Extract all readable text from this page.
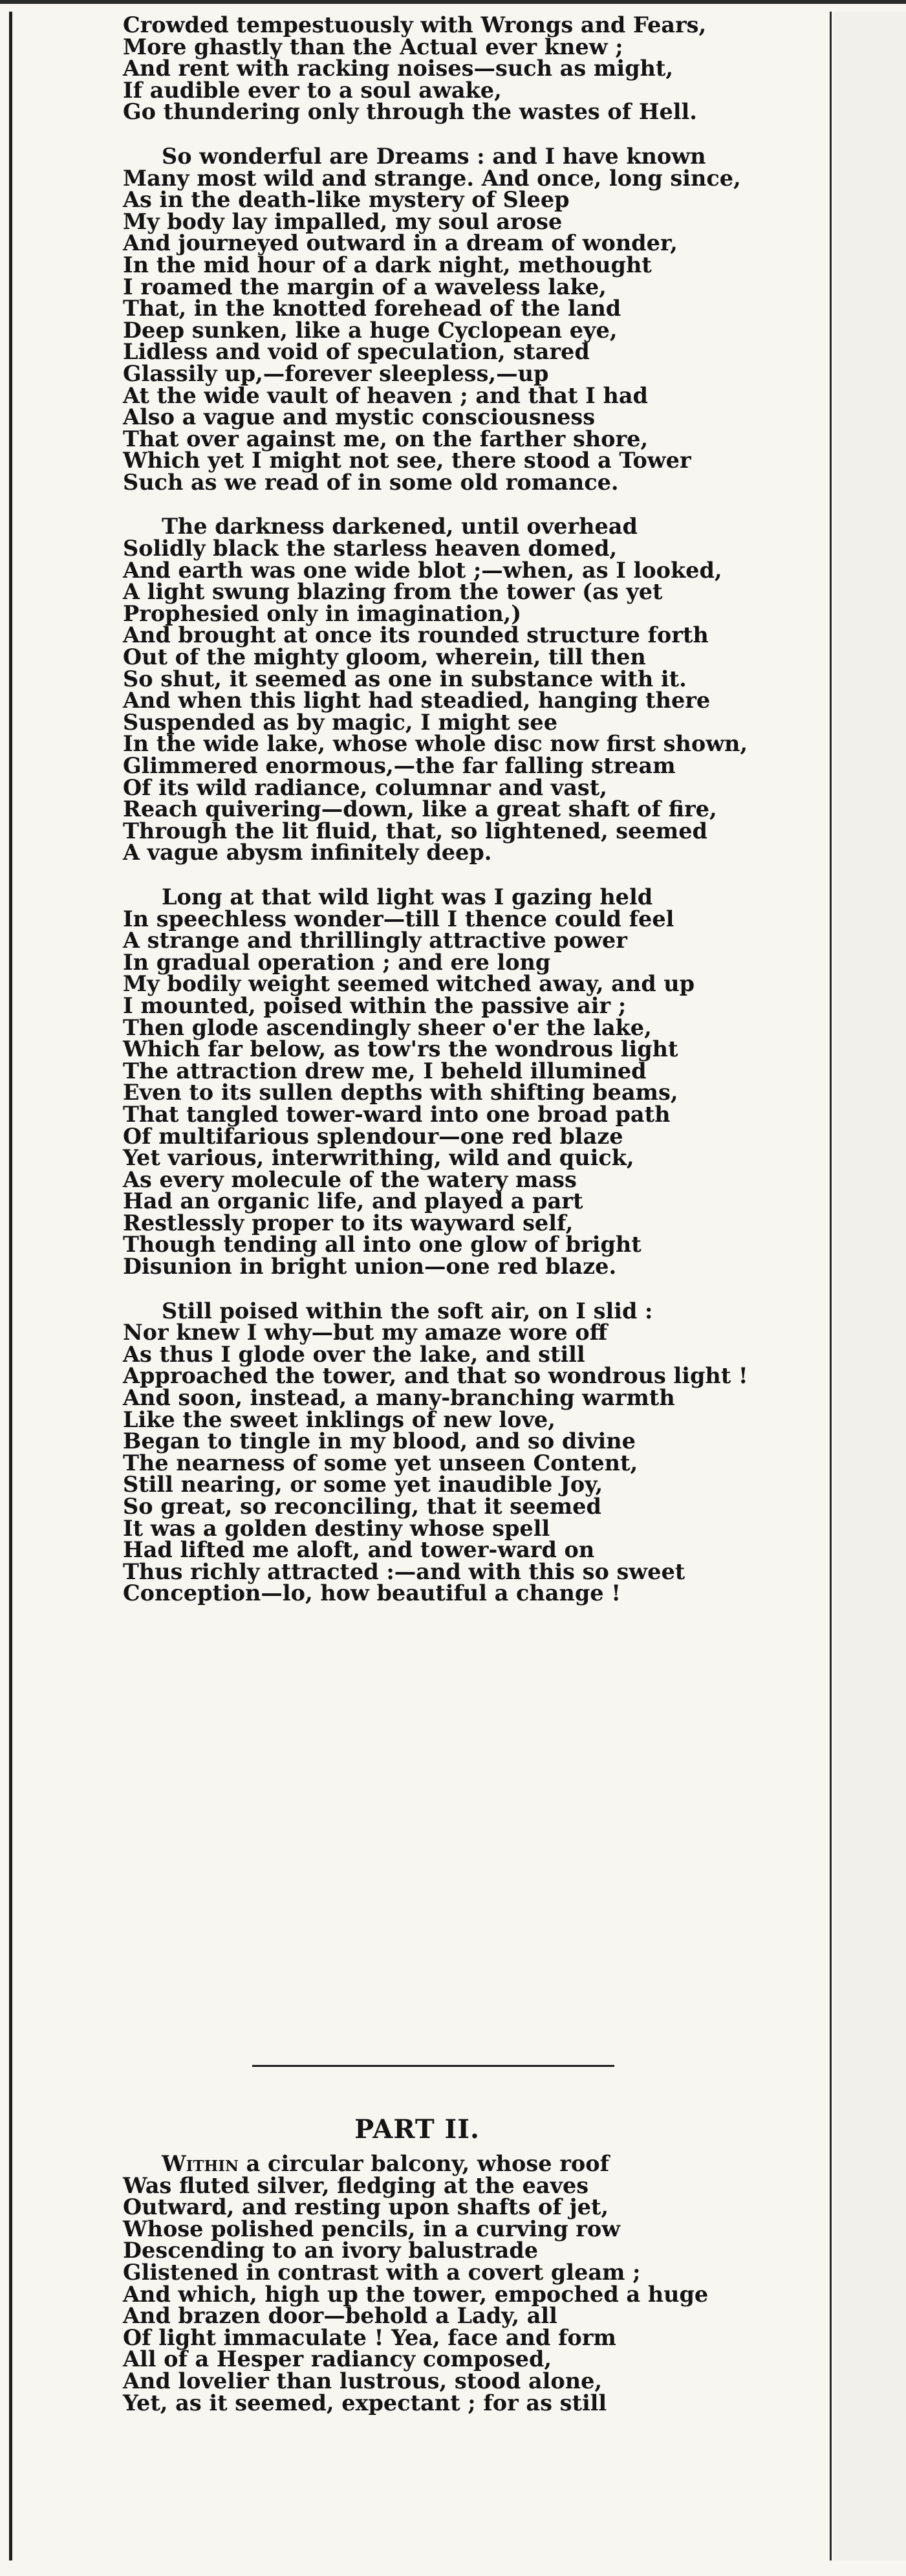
Crowded tempestuously with Wrongs and Fears,
More ghastly than the Actual ever knew ;
And rent with racking noises—such as might,
If audible ever to a soul awake,
Go thundering only through the wastes of Hell.
So wonderful are Dreams : and I have known
Many most wild and strange. And once, long since,
As in the death-like mystery of Sleep
My body lay impalled, my soul arose
And journeyed outward in a dream of wonder,
In the mid hour of a dark night, methought
I roamed the margin of a waveless lake,
That, in the knotted forehead of the land
Deep sunken, like a huge Cyclopean eye,
Lidless and void of speculation, stared
Glassily up,—forever sleepless,—up
At the wide vault of heaven ; and that I had
Also a vague and mystic consciousness
That over against me, on the farther shore,
Which yet I might not see, there stood a Tower
Such as we read of in some old romance.
The darkness darkened, until overhead
Solidly black the starless heaven domed,
And earth was one wide blot ;—when, as I looked,
A light swung blazing from the tower (as yet
Prophesied only in imagination,)
And brought at once its rounded structure forth
Out of the mighty gloom, wherein, till then
So shut, it seemed as one in substance with it.
And when this light had steadied, hanging there
Suspended as by magic, I might see
In the wide lake, whose whole disc now first shown,
Glimmered enormous,—the far falling stream
Of its wild radiance, columnar and vast,
Reach quivering—down, like a great shaft of fire,
Through the lit fluid, that, so lightened, seemed
A vague abysm infinitely deep.
Long at that wild light was I gazing held
In speechless wonder—till I thence could feel
A strange and thrillingly attractive power
In gradual operation ; and ere long
My bodily weight seemed witched away, and up
I mounted, poised within the passive air ;
Then glode ascendingly sheer o'er the lake,
Which far below, as tow'rs the wondrous light
The attraction drew me, I beheld illumined
Even to its sullen depths with shifting beams,
That tangled tower-ward into one broad path
Of multifarious splendour—one red blaze
Yet various, interwrithing, wild and quick,
As every molecule of the watery mass
Had an organic life, and played a part
Restlessly proper to its wayward self,
Though tending all into one glow of bright
Disunion in bright union—one red blaze.
Still poised within the soft air, on I slid :
Nor knew I why—but my amaze wore off
As thus I glode over the lake, and still
Approached the tower, and that so wondrous light !
And soon, instead, a many-branching warmth
Like the sweet inklings of new love,
Began to tingle in my blood, and so divine
The nearness of some yet unseen Content,
Still nearing, or some yet inaudible Joy,
So great, so reconciling, that it seemed
It was a golden destiny whose spell
Had lifted me aloft, and tower-ward on
Thus richly attracted :—and with this so sweet
Conception—lo, how beautiful a change !
PART II.
Within a circular balcony, whose roof
Was fluted silver, fledging at the eaves
Outward, and resting upon shafts of jet,
Whose polished pencils, in a curving row
Descending to an ivory balustrade
Glistened in contrast with a covert gleam ;
And which, high up the tower, empoched a huge
And brazen door—behold a Lady, all
Of light immaculate ! Yea, face and form
All of a Hesper radiancy composed,
And lovelier than lustrous, stood alone,
Yet, as it seemed, expectant ; for as still
